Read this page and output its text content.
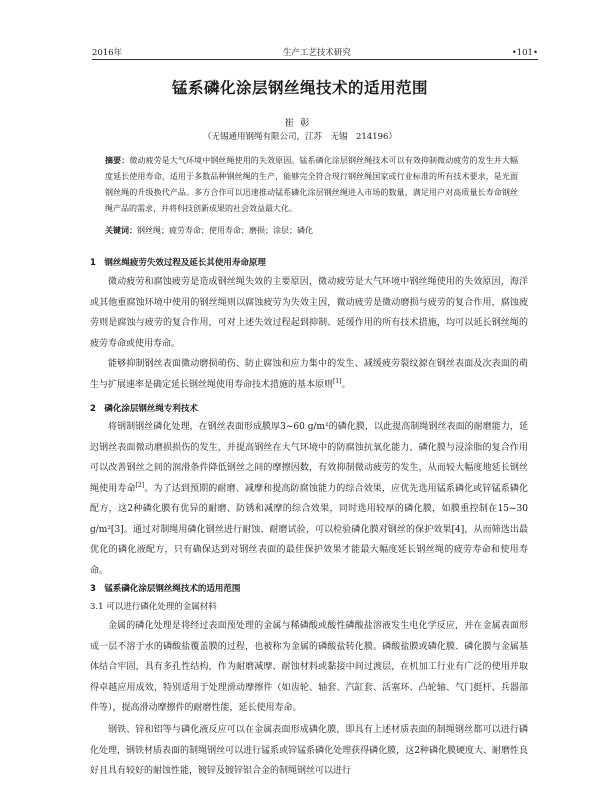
2016年	生产工艺技术研究	•101•
锰系磷化涂层钢丝绳技术的适用范围
崔彰
（无锡通用钢绳有限公司，江苏　无锡　214196）
摘要：微动疲劳是大气环境中钢丝绳使用的失效原因。锰系磷化涂层钢丝绳技术可以有效抑制微动疲劳的发生并大幅度延长使用寿命，适用于多数品种钢丝绳的生产，能够完全符合现行钢丝绳国家或行业标准的所有技术要求，是光面钢丝绳的升级换代产品。多方合作可以迅速推动锰系磷化涂层钢丝绳进入市场的数量，满足用户对高质量长寿命钢丝绳产品的需求，并将科技创新成果的社会效益最大化。
关键词：钢丝绳；疲劳寿命；使用寿命；磨损；涂层；磷化
1　钢丝绳疲劳失效过程及延长其使用寿命原理
微动疲劳和腐蚀疲劳是造成钢丝绳失效的主要原因，微动疲劳是大气环境中钢丝绳使用的失效原因，海洋或其他重腐蚀环境中使用的钢丝绳则以腐蚀疲劳为失效主因，微动疲劳是微动磨损与疲劳的复合作用，腐蚀疲劳则是腐蚀与疲劳的复合作用，可对上述失效过程起到抑制、延缓作用的所有技术措施，均可以延长钢丝绳的疲劳寿命或使用寿命。
能够抑制钢丝表面微动磨损萌伤、防止腐蚀和应力集中的发生、减缓疲劳裂纹源在钢丝表面及次表面的萌生与扩展速率是确定延长钢丝绳使用寿命技术措施的基本原则[1]。
2　磷化涂层钢丝绳专利技术
将钢制钢丝磷化处理，在钢丝表面形成膜厚3~60 g/m²的磷化膜，以此提高制绳钢丝表面的耐磨能力，延迟钢丝表面微动磨损损伤的发生，并提高钢丝在大气环境中的防腐蚀抗氧化能力，磷化膜与浸涂脂的复合作用可以改善钢丝之间的润滑条件降低钢丝之间的摩擦因数，有效抑制微动疲劳的发生，从而较大幅度地延长钢丝绳使用寿命[2]。为了达到预期的耐磨、减摩和提高防腐蚀能力的综合效果，应优先选用锰系磷化或锌锰系磷化配方，这2种磷化膜有优异的耐磨、防锈和减摩的综合效果，同时选用较厚的磷化膜，如膜重控制在15~30 g/m²[3]。通过对制绳用磷化钢丝进行耐蚀、耐磨试验，可以检验磷化膜对钢丝的保护效果[4]，从而筛选出最优化的磷化液配方，只有确保达到对钢丝表面的最佳保护效果才能最大幅度延长钢丝绳的疲劳寿命和使用寿命。
3　锰系磷化涂层钢丝绳技术的适用范围
3.1 可以进行磷化处理的金属材料
金属的磷化处理是将经过表面预处理的金属与稀磷酸或酸性磷酸盐溶液发生电化学反应，并在金属表面形成一层不溶于水的磷酸盐覆盖膜的过程，也被称为金属的磷酸盐转化膜。磷酸盐膜或磷化膜、磷化膜与金属基体结合牢固，具有多孔性结构，作为耐磨减摩、耐蚀材料或黏接中间过渡层，在机加工行业有广泛的使用并取得卓越应用成效，特别适用于处理滑动摩擦件（如齿轮、轴套、汽缸套、活塞环、凸轮轴、气门挺杆、兵器部件等），提高滑动摩擦件的耐磨性能，延长使用寿命。
钢铁、锌和铝等与磷化液反应可以在金属表面形成磷化膜，即具有上述材质表面的制绳钢丝都可以进行磷化处理，钢铁材质表面的制绳钢丝可以进行锰系或锌锰系磷化处理获得磷化膜，这2种磷化膜硬度大、耐磨性良好且具有较好的耐蚀性能，镀锌及镀锌铝合金的制绳钢丝可以进行
